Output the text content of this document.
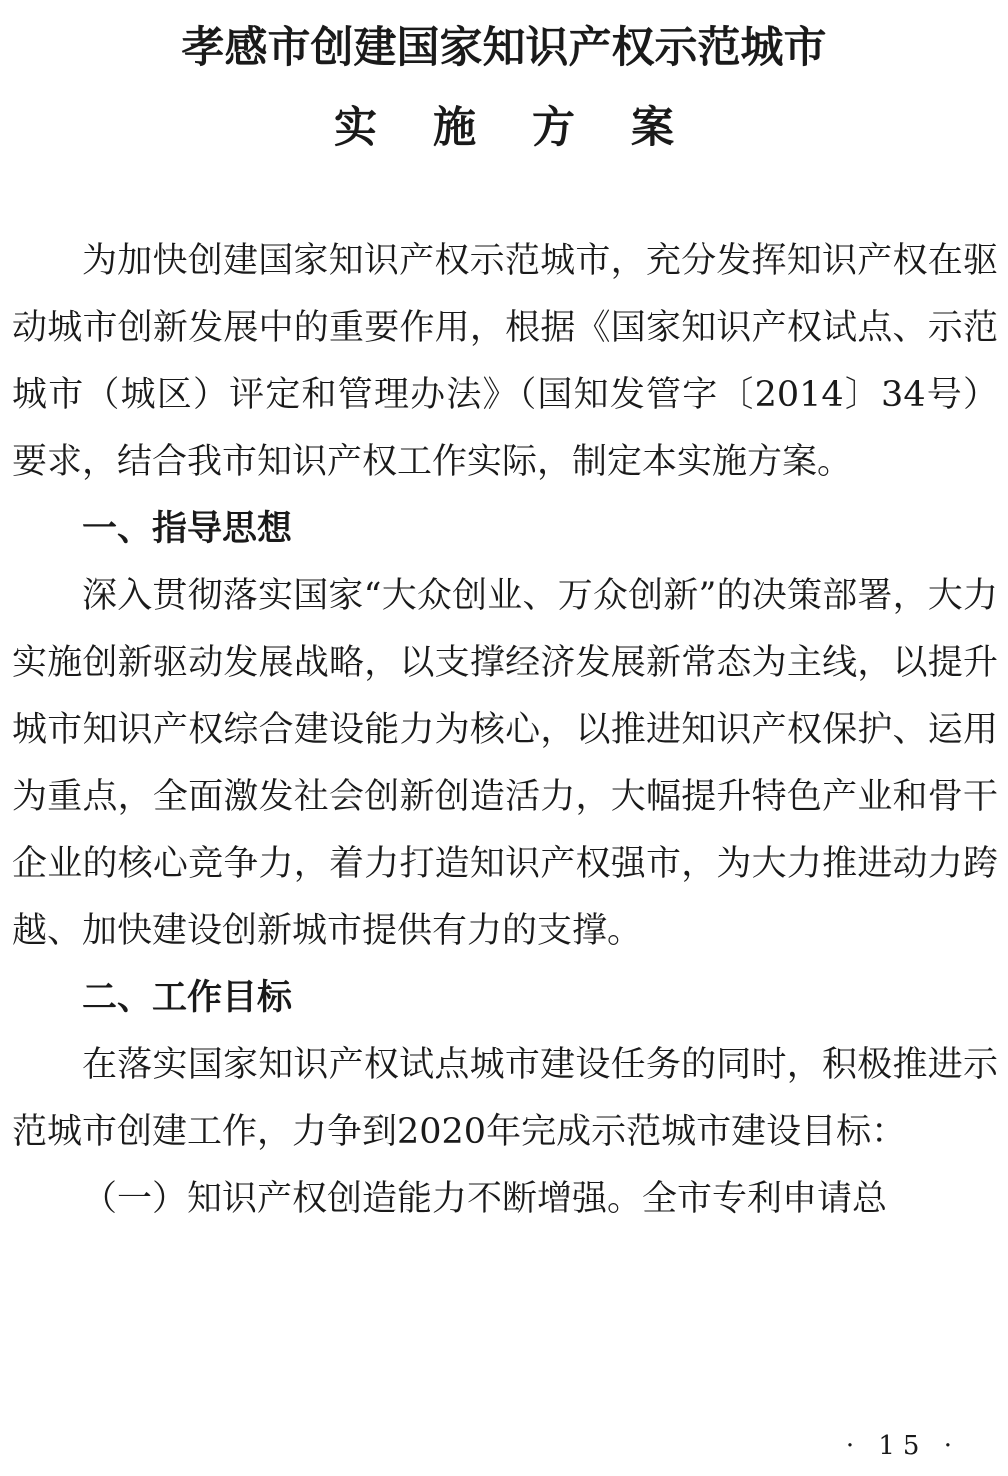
孝感市创建国家知识产权示范城市
实施方案

为加快创建国家知识产权示范城市，充分发挥知识产权在驱动城市创新发展中的重要作用，根据《国家知识产权试点、示范城市（城区）评定和管理办法》（国知发管字〔2014〕34号）要求，结合我市知识产权工作实际，制定本实施方案。

一、指导思想

深入贯彻落实国家“大众创业、万众创新”的决策部署，大力实施创新驱动发展战略，以支撑经济发展新常态为主线，以提升城市知识产权综合建设能力为核心，以推进知识产权保护、运用为重点，全面激发社会创新创造活力，大幅提升特色产业和骨干企业的核心竞争力，着力打造知识产权强市，为大力推进动力跨越、加快建设创新城市提供有力的支撑。

二、工作目标

在落实国家知识产权试点城市建设任务的同时，积极推进示范城市创建工作，力争到2020年完成示范城市建设目标：

（一）知识产权创造能力不断增强。全市专利申请总

· 15 ·
